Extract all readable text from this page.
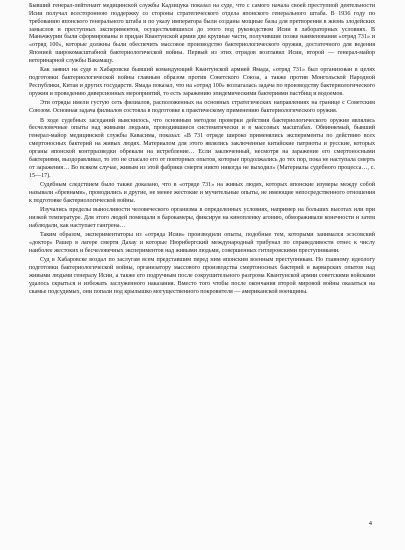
Бывший генерал-лейтенант медицинской службы Кадзицука показал на суде, что с самого начала своей преступной деятельности Исии получал всесторонною поддержку со стороны стратегического отдела японского генерального штаба. В 1936 году по требованию японского генерального штаба и по указу императора были созданы мощные базы для претворения в жизнь злодейских замыслов и преступных экспериментов, осуществлявшихся до этого под руководством Исии в лабораторных условиях. В Маньчжурии были сформированы и придан Квантунской армии две крупные части, получившие позже наименования «отряд 731» и «отряд 100», которые должны были обеспечить массовое производство бактериологического оружия, достаточного для ведения Японией широкомасштабной бактериологической войны. Первый из этих отрядов возглавил Исии, второй — генерал-майор ветеринарной службы Вакамацу.

Как заявил на суде в Хабаровске бывший командующий Квантунской армией Ямада, «отряд 731» был организован в целях подготовки бактериологической войны главным образом против Советского Союза, а также против Монгольской Народной Республики, Китая и других государств. Ямада показал, что на «отряд 100» возлагалась задача по производству бактериологического оружия и проведению диверсионных мероприятий, то есть заражению эпидемическими бактериями пастбищ и водоемов.

Эти отряды имели густую сеть филиалов, расположенных на основных стратегических направлениях на границе с Советским Союзом. Основная задача филиалов состояла в подготовке к практическому применению бактериологического оружия.

В ходе судебных заседаний выяснилось, что основным методом проверки действия бактериологического оружия являлись бесчеловечные опыты над живыми людьми, проводившиеся систематически и в массовых масштабах. Обвиняемый, бывший генерал-майор медицинской службы Кавасима, показал: «В 731 отряде широко применялись эксперименты по действию всех смертоносных бактерий на живых людях. Материалом для этого являлись заключенные китайские патриоты и русские, которых органы японской контрразведки обрекали на истребление… Если заключенный, несмотря на заражение его смертоносными бактериями, выздоравливал, то это не спасало его от повторных опытов, которые продолжались до тех пор, пока не наступала смерть от заражения… Во всяком случае, живым из этой фабрики смерти никто никогда не выходил» (Материалы судебного процесса…, с. 15—17).

Судебным следствием было также доказано, что в «отряде 731» на живых людях, которых японские изуверы между собой называли «бревнами», проводились и другие, не менее жестокие и мучительные опыты, не имеющие непосредственного отношения к подготовке бактериологической войны.

Изучались пределы выносливости человеческого организма в определенных условиях, например на больших высотах или при низкой температуре. Для этого людей помещали в барокамеры, фиксируя на кинопленку агонию, обмораживали конечности и затем наблюдали, как наступает гангрена…

Таким образом, экспериментаторы из «отряда Исии» производили опыты, подобные тем, которыми занимался эсэсовский «доктор» Рашер в лагере смерти Дахау и которые Нюрнбергский международный трибунал по справедливости отнес к числу наиболее жестоких и бесчеловечных экспериментов над живыми людьми, совершенных гитлеровскими преступниками.

Суд в Хабаровске воздал по заслугам всем представшим перед ним японским военным преступникам. Но главному идеологу подготовки бактериологической войны, организатору массового производства смертоносных бактерий и варварских опытов над живыми людьми генералу Исии, а также его подручным после сокрушительного разгрома Квантунской армии советскими войсками удалось скрыться и избежать заслуженного наказания. Вместо того чтобы после окончания второй мировой войны оказаться на скамье подсудимых, они попали под крылышко могущественного покровителя — американской военщины.

4
